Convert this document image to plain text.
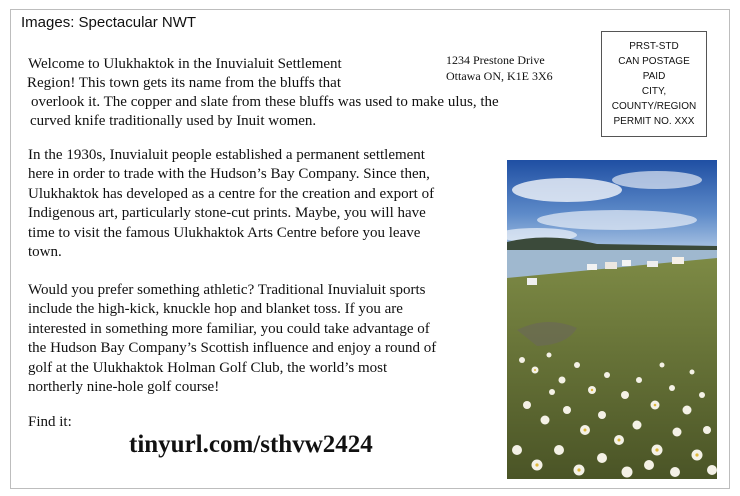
Images: Spectacular NWT
1234 Prestone Drive
Ottawa ON, K1E 3X6
PRST-STD
CAN POSTAGE
PAID
CITY,
COUNTY/REGION
PERMIT NO. XXX
Welcome to Ulukhaktok in the Inuvialuit Settlement
Region! This town gets its name from the bluffs that
overlook it. The copper and slate from these bluffs was used to make ulus, the
curved knife traditionally used by Inuit women.
In the 1930s, Inuvialuit people established a permanent settlement
here in order to trade with the Hudson’s Bay Company. Since then,
Ulukhaktok has developed as a centre for the creation and export of
Indigenous art, particularly stone-cut prints. Maybe, you will have
time to visit the famous Ulukhaktok Arts Centre before you leave
town.
Would you prefer something athletic? Traditional Inuvialuit sports
include the high-kick, knuckle hop and blanket toss. If you are
interested in something more familiar, you could take advantage of
the Hudson Bay Company’s Scottish influence and enjoy a round of
golf at the Ulukhaktok Holman Golf Club, the world’s most
northerly nine-hole golf course!
Find it:
tinyurl.com/sthvw2424
